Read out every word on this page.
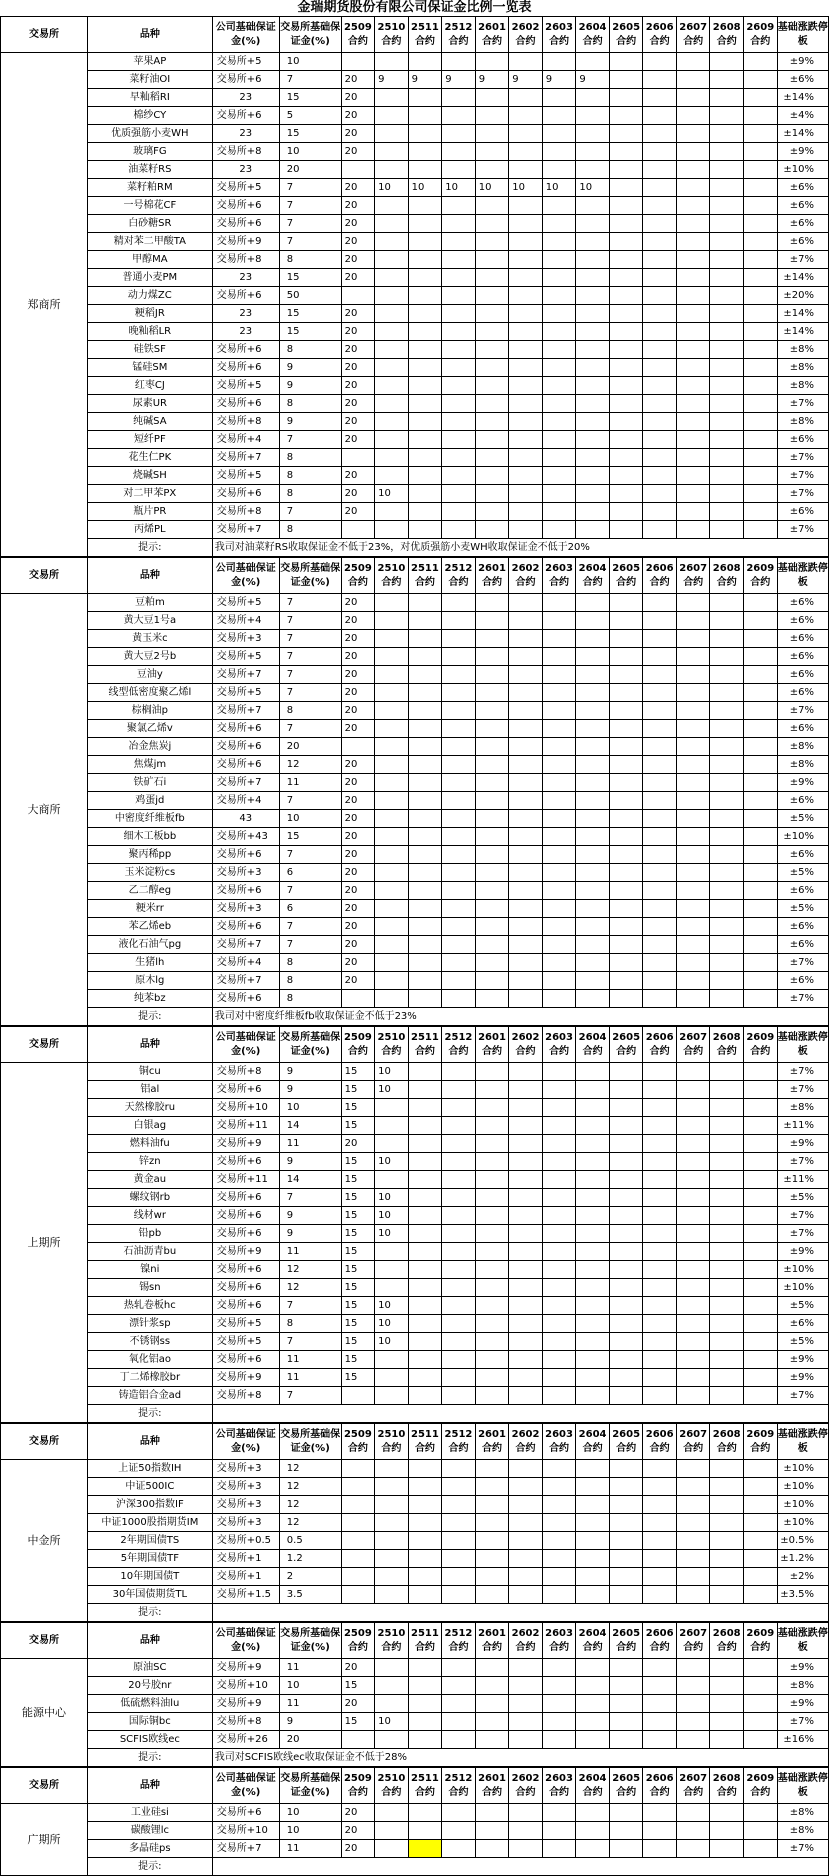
金瑞期货股份有限公司保证金比例一览表
交易所	品种	公司基础保证金(%)	交易所基础保证金(%)	2509合约	2510合约	2511合约	2512合约	2601合约	2602合约	2603合约	2604合约	2605合约	2606合约	2607合约	2608合约	2609合约	基础涨跌停板
郑商所	苹果AP	交易所+5	10														±9%
	菜籽油OI	交易所+6	7	20	9	9	9	9	9	9	9						±6%
	早籼稻RI	23	15	20													±14%
	棉纱CY	交易所+6	5	20													±4%
	优质强筋小麦WH	23	15	20													±14%
	玻璃FG	交易所+8	10	20													±9%
	油菜籽RS	23	20														±10%
	菜籽粕RM	交易所+5	7	20	10	10	10	10	10	10	10						±6%
	一号棉花CF	交易所+6	7	20													±6%
	白砂糖SR	交易所+6	7	20													±6%
	精对苯二甲酸TA	交易所+9	7	20													±6%
	甲醇MA	交易所+8	8	20													±7%
	普通小麦PM	23	15	20													±14%
	动力煤ZC	交易所+6	50														±20%
	粳稻JR	23	15	20													±14%
	晚籼稻LR	23	15	20													±14%
	硅铁SF	交易所+6	8	20													±8%
	锰硅SM	交易所+6	9	20													±8%
	红枣CJ	交易所+5	9	20													±8%
	尿素UR	交易所+6	8	20													±7%
	纯碱SA	交易所+8	9	20													±8%
	短纤PF	交易所+4	7	20													±6%
	花生仁PK	交易所+7	8														±7%
	烧碱SH	交易所+5	8	20													±7%
	对二甲苯PX	交易所+6	8	20	10												±7%
	瓶片PR	交易所+8	7	20													±6%
	丙烯PL	交易所+7	8														±7%
	提示:	我司对油菜籽RS收取保证金不低于23%，对优质强筋小麦WH收取保证金不低于20%															
交易所	品种	公司基础保证金(%)	交易所基础保证金(%)	2509合约	2510合约	2511合约	2512合约	2601合约	2602合约	2603合约	2604合约	2605合约	2606合约	2607合约	2608合约	2609合约	基础涨跌停板
大商所	豆粕m	交易所+5	7	20													±6%
	黄大豆1号a	交易所+4	7	20													±6%
	黄玉米c	交易所+3	7	20													±6%
	黄大豆2号b	交易所+5	7	20													±6%
	豆油y	交易所+7	7	20													±6%
	线型低密度聚乙烯l	交易所+5	7	20													±6%
	棕榈油p	交易所+7	8	20													±7%
	聚氯乙烯v	交易所+6	7	20													±6%
	冶金焦炭j	交易所+6	20														±8%
	焦煤jm	交易所+6	12	20													±8%
	铁矿石i	交易所+7	11	20													±9%
	鸡蛋jd	交易所+4	7	20													±6%
	中密度纤维板fb	43	10	20													±5%
	细木工板bb	交易所+43	15	20													±10%
	聚丙稀pp	交易所+6	7	20													±6%
	玉米淀粉cs	交易所+3	6	20													±5%
	乙二醇eg	交易所+6	7	20													±6%
	粳米rr	交易所+3	6	20													±5%
	苯乙烯eb	交易所+6	7	20													±6%
	液化石油气pg	交易所+7	7	20													±6%
	生猪lh	交易所+4	8	20													±7%
	原木lg	交易所+7	8	20													±6%
	纯苯bz	交易所+6	8														±7%
	提示:	我司对中密度纤维板fb收取保证金不低于23%															
交易所	品种	公司基础保证金(%)	交易所基础保证金(%)	2509合约	2510合约	2511合约	2512合约	2601合约	2602合约	2603合约	2604合约	2605合约	2606合约	2607合约	2608合约	2609合约	基础涨跌停板
上期所	铜cu	交易所+8	9	15	10												±7%
	铝al	交易所+6	9	15	10												±7%
	天然橡胶ru	交易所+10	10	15													±8%
	白银ag	交易所+11	14	15													±11%
	燃料油fu	交易所+9	11	20													±9%
	锌zn	交易所+6	9	15	10												±7%
	黄金au	交易所+11	14	15													±11%
	螺纹钢rb	交易所+6	7	15	10												±5%
	线材wr	交易所+6	9	15	10												±7%
	铅pb	交易所+6	9	15	10												±7%
	石油沥青bu	交易所+9	11	15													±9%
	镍ni	交易所+6	12	15													±10%
	锡sn	交易所+6	12	15													±10%
	热轧卷板hc	交易所+6	7	15	10												±5%
	漂针浆sp	交易所+5	8	15	10												±6%
	不锈钢ss	交易所+5	7	15	10												±5%
	氧化铝ao	交易所+6	11	15													±9%
	丁二烯橡胶br	交易所+9	11	15													±9%
	铸造铝合金ad	交易所+8	7														±7%
	提示:																
交易所	品种	公司基础保证金(%)	交易所基础保证金(%)	2509合约	2510合约	2511合约	2512合约	2601合约	2602合约	2603合约	2604合约	2605合约	2606合约	2607合约	2608合约	2609合约	基础涨跌停板
中金所	上证50指数IH	交易所+3	12														±10%
	中证500IC	交易所+3	12														±10%
	沪深300指数IF	交易所+3	12														±10%
	中证1000股指期货IM	交易所+3	12														±10%
	2年期国债TS	交易所+0.5	0.5														±0.5%
	5年期国债TF	交易所+1	1.2														±1.2%
	10年期国债T	交易所+1	2														±2%
	30年国债期货TL	交易所+1.5	3.5														±3.5%
	提示:																
交易所	品种	公司基础保证金(%)	交易所基础保证金(%)	2509合约	2510合约	2511合约	2512合约	2601合约	2602合约	2603合约	2604合约	2605合约	2606合约	2607合约	2608合约	2609合约	基础涨跌停板
能源中心	原油SC	交易所+9	11	20													±9%
	20号胶nr	交易所+10	10	15													±8%
	低硫燃料油lu	交易所+9	11	20													±9%
	国际铜bc	交易所+8	9	15	10												±7%
	SCFIS欧线ec	交易所+26	20														±16%
	提示:	我司对SCFIS欧线ec收取保证金不低于28%															
交易所	品种	公司基础保证金(%)	交易所基础保证金(%)	2509合约	2510合约	2511合约	2512合约	2601合约	2602合约	2603合约	2604合约	2605合约	2606合约	2607合约	2608合约	2609合约	基础涨跌停板
广期所	工业硅si	交易所+6	10	20													±8%
	碳酸锂lc	交易所+10	10	20													±8%
	多晶硅ps	交易所+7	11	20													±7%
	提示:																
